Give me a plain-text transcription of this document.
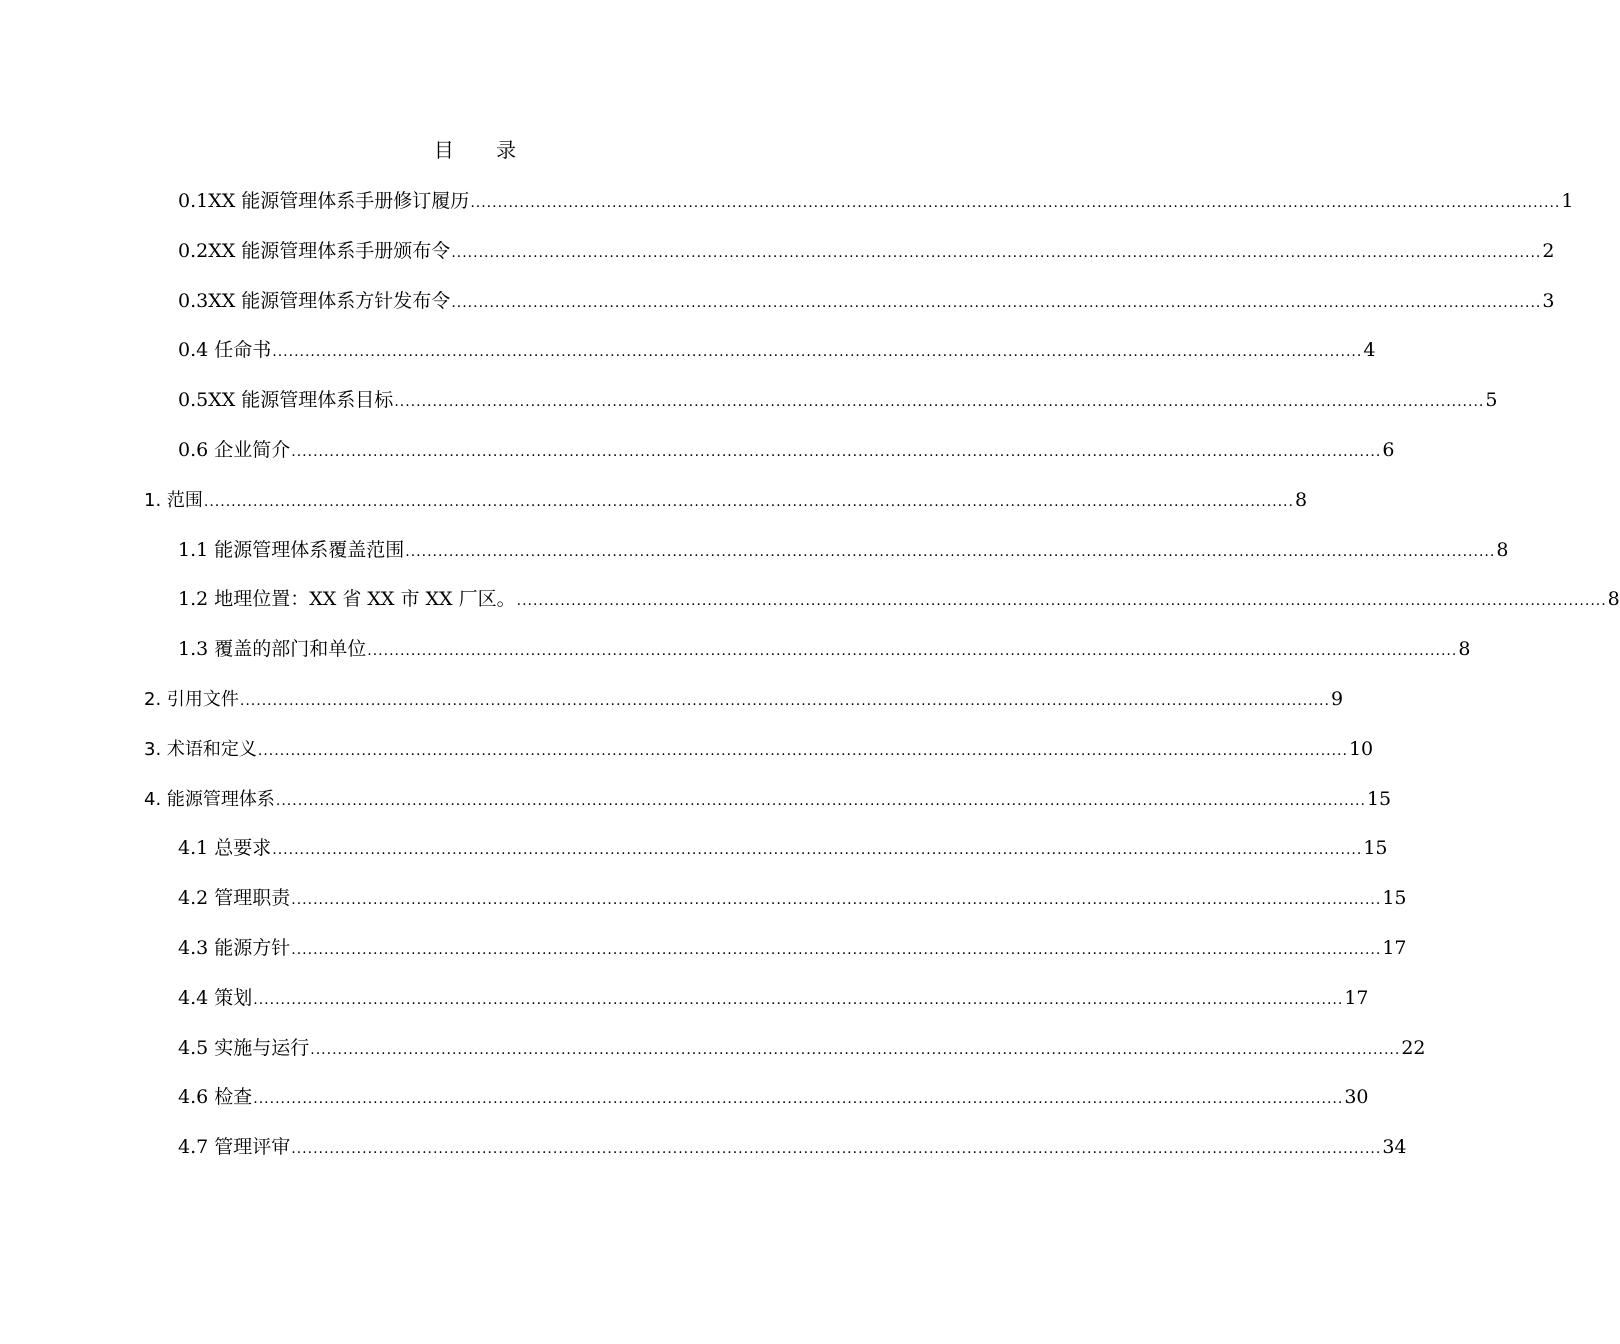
目 录
0.1XX 能源管理体系手册修订履历 ........................................................................................................................................................................................................ 1
0.2XX 能源管理体系手册颁布令 ........................................................................................................................................................................................................ 2
0.3XX 能源管理体系方针发布令 ........................................................................................................................................................................................................ 3
0.4 任命书 ........................................................................................................................................................................................................ 4
0.5XX 能源管理体系目标 ........................................................................................................................................................................................................ 5
0.6 企业简介 ........................................................................................................................................................................................................ 6
1. 范围 ........................................................................................................................................................................................................ 8
1.1 能源管理体系覆盖范围 ........................................................................................................................................................................................................ 8
1.2 地理位置：XX 省 XX 市 XX 厂区。 ........................................................................................................................................................................................................ 8
1.3 覆盖的部门和单位 ........................................................................................................................................................................................................ 8
2. 引用文件 ........................................................................................................................................................................................................ 9
3. 术语和定义 ........................................................................................................................................................................................................ 10
4. 能源管理体系 ........................................................................................................................................................................................................ 15
4.1 总要求 ........................................................................................................................................................................................................ 15
4.2 管理职责 ........................................................................................................................................................................................................ 15
4.3 能源方针 ........................................................................................................................................................................................................ 17
4.4 策划 ........................................................................................................................................................................................................ 17
4.5 实施与运行 ........................................................................................................................................................................................................ 22
4.6 检查 ........................................................................................................................................................................................................ 30
4.7 管理评审 ........................................................................................................................................................................................................ 34
